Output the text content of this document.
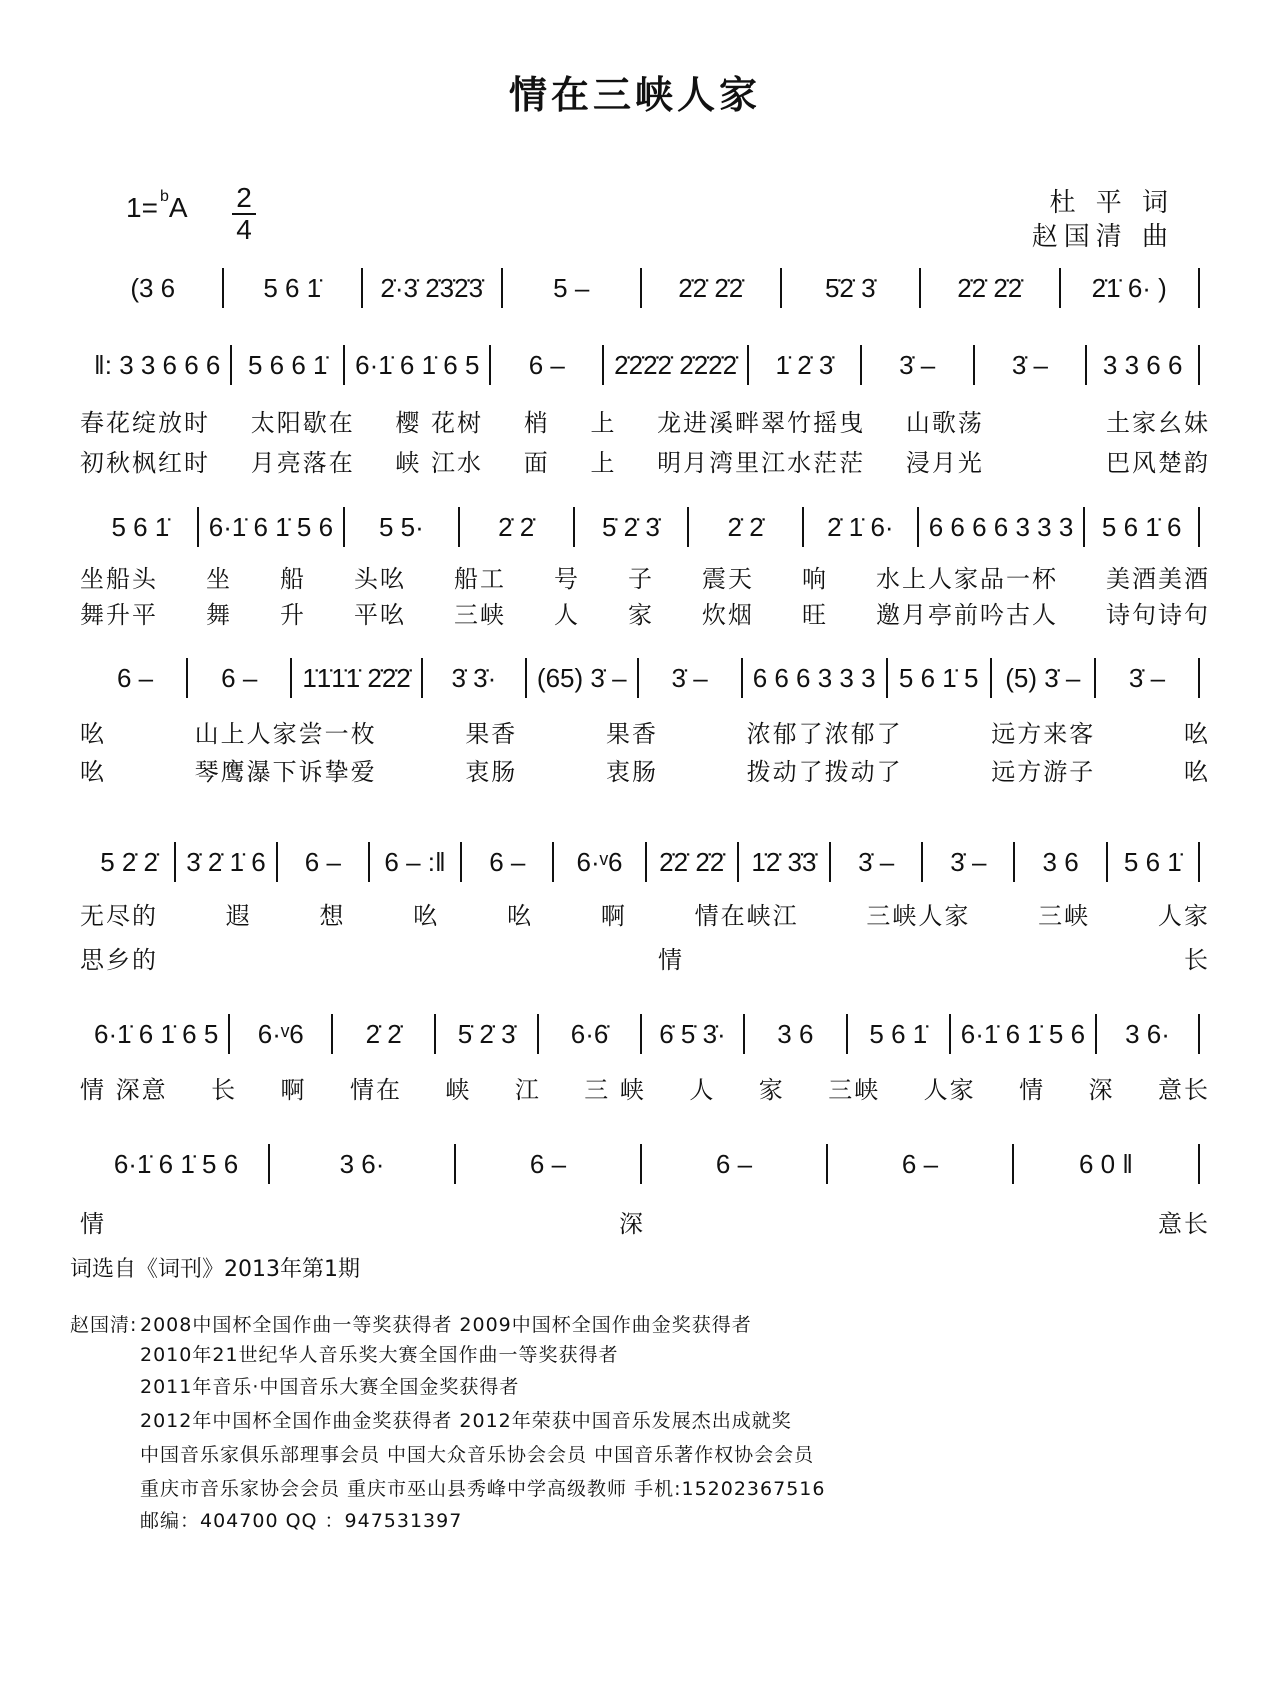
情在三峡人家
$1= ^bA \frac{2}{4}$	杜 平 词
赵国清 曲
(3 6	5 6 1̇	2̇·3̇ 2̇3̇2̇3̇	5 –	2̇2̇ 2̇2̇	5̇2̇ 3̇	2̇2̇ 2̇2̇	2̇1̇ 6· )
‖: 3 3 6 6 6	5 6 6 1̇	6·1̇ 6 1̇ 6 5	6 –	2̇2̇2̇2̇ 2̇2̇2̇2̇	1̇ 2̇ 3̇	3̇ –	3̇ –	3 3 6 6
春花绽放时 太阳歇在 樱 花树 梢 上 龙进溪畔翠竹摇曳 山歌荡	土家幺妹
初秋枫红时 月亮落在 峡 江水 面 上 明月湾里江水茫茫 浸月光	巴风楚韵
5 6 1̇	6·1̇ 6 1̇ 5 6	5 5·	2̇ 2̇	5̇ 2̇ 3̇	2̇ 2̇	2̇ 1̇ 6·	6 6 6 6 3 3 3	5 6 1̇ 6
坐船头 坐 船 头吆 船工 号 子 震天 响 水上人家品一杯 美酒美酒
舞升平 舞 升 平吆 三峡 人 家 炊烟 旺 邀月亭前吟古人 诗句诗句
6 –	6 –	1̇1̇1̇1̇ 2̇2̇2̇	3̇ 3̇·	(65) 3̇ –	3̇ –	6 6 6 3 3 3 5 6 1̇ 5	(5) 3̇ –	3̇ –
吆	山上人家尝一枚	果香	果香	浓郁了浓郁了	远方来客	吆
吆	琴鹰瀑下诉挚爱	衷肠	衷肠	拨动了拨动了	远方游子	吆
5 2̇ 2̇	3̇ 2̇ 1̇ 6	6 –	6 – :‖	6 –	6·ᵛ6	2̇2̇ 2̇2̇	1̇2̇ 3̇3̇	3̇ –	3̇ –	3 6	5 6 1̇
无尽的	遐	想	吆	吆	啊	情在峡江	三峡人家	三峡	人家
思乡的	情	长
6·1̇ 6 1̇ 6 5	6·ᵛ6	2̇ 2̇	5̇ 2̇ 3̇	6·6̇	6̇ 5̇ 3̇·	3 6	5 6 1̇	6·1̇ 6 1̇ 5 6	3 6·
情 深意 长 啊 情在 峡 江 三 峡 人 家 三峡 人家 情 深 意长
6·1̇ 6 1̇ 5 6	3 6·	6 –	6 –	6 –	6 0 ‖
情	深	意长
词选自《词刊》2013年第1期
赵国清: 2008中国杯全国作曲一等奖获得者 2009中国杯全国作曲金奖获得者
2010年21世纪华人音乐奖大赛全国作曲一等奖获得者
2011年音乐·中国音乐大赛全国金奖获得者
2012年中国杯全国作曲金奖获得者 2012年荣获中国音乐发展杰出成就奖
中国音乐家俱乐部理事会员 中国大众音乐协会会员 中国音乐著作权协会会员
重庆市音乐家协会会员 重庆市巫山县秀峰中学高级教师 手机:15202367516
邮编：404700 QQ ：947531397
